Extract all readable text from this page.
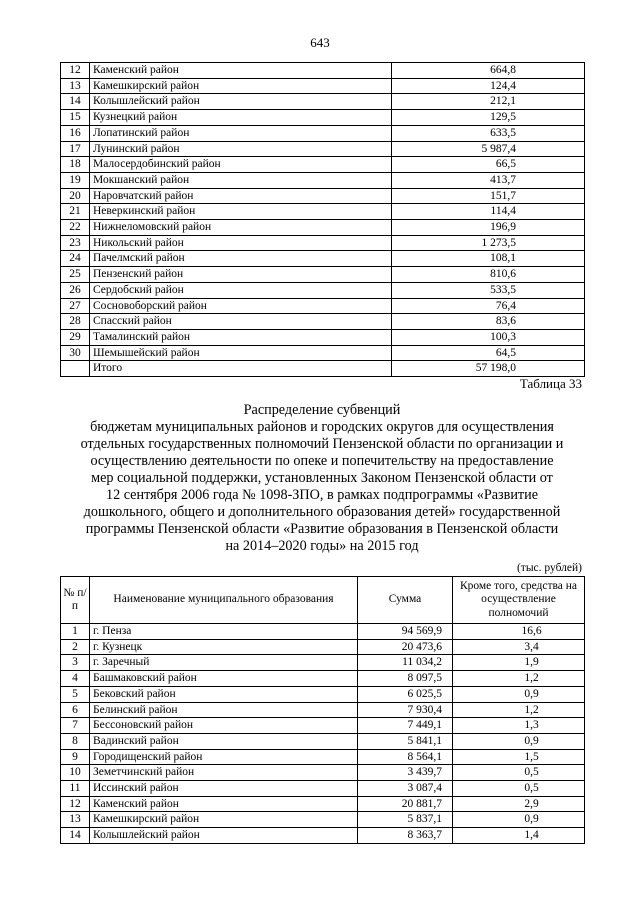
643
12	Каменский район	664,8
13	Камешкирский район	124,4
14	Колышлейский район	212,1
15	Кузнецкий район	129,5
16	Лопатинский район	633,5
17	Лунинский район	5 987,4
18	Малосердобинский район	66,5
19	Мокшанский район	413,7
20	Наровчатский район	151,7
21	Неверкинский район	114,4
22	Нижнеломовский район	196,9
23	Никольский район	1 273,5
24	Пачелмский район	108,1
25	Пензенский район	810,6
26	Сердобский район	533,5
27	Сосновоборский район	76,4
28	Спасский район	83,6
29	Тамалинский район	100,3
30	Шемышейский район	64,5
	Итого	57 198,0
Таблица 33
Распределение субвенций
бюджетам муниципальных районов и городских округов для осуществления
отдельных государственных полномочий Пензенской области по организации и
осуществлению деятельности по опеке и попечительству на предоставление
мер социальной поддержки, установленных Законом Пензенской области от
12 сентября 2006 года № 1098-ЗПО, в рамках подпрограммы «Развитие
дошкольного, общего и дополнительного образования детей» государственной
программы Пензенской области «Развитие образования в Пензенской области
на 2014–2020 годы» на 2015 год
(тыс. рублей)
№ п/п	Наименование муниципального образования	Сумма	Кроме того, средства на осуществление полномочий
1	г. Пенза	94 569,9	16,6
2	г. Кузнецк	20 473,6	3,4
3	г. Заречный	11 034,2	1,9
4	Башмаковский район	8 097,5	1,2
5	Бековский район	6 025,5	0,9
6	Белинский район	7 930,4	1,2
7	Бессоновский район	7 449,1	1,3
8	Вадинский район	5 841,1	0,9
9	Городищенский район	8 564,1	1,5
10	Земетчинский район	3 439,7	0,5
11	Иссинский район	3 087,4	0,5
12	Каменский район	20 881,7	2,9
13	Камешкирский район	5 837,1	0,9
14	Колышлейский район	8 363,7	1,4
